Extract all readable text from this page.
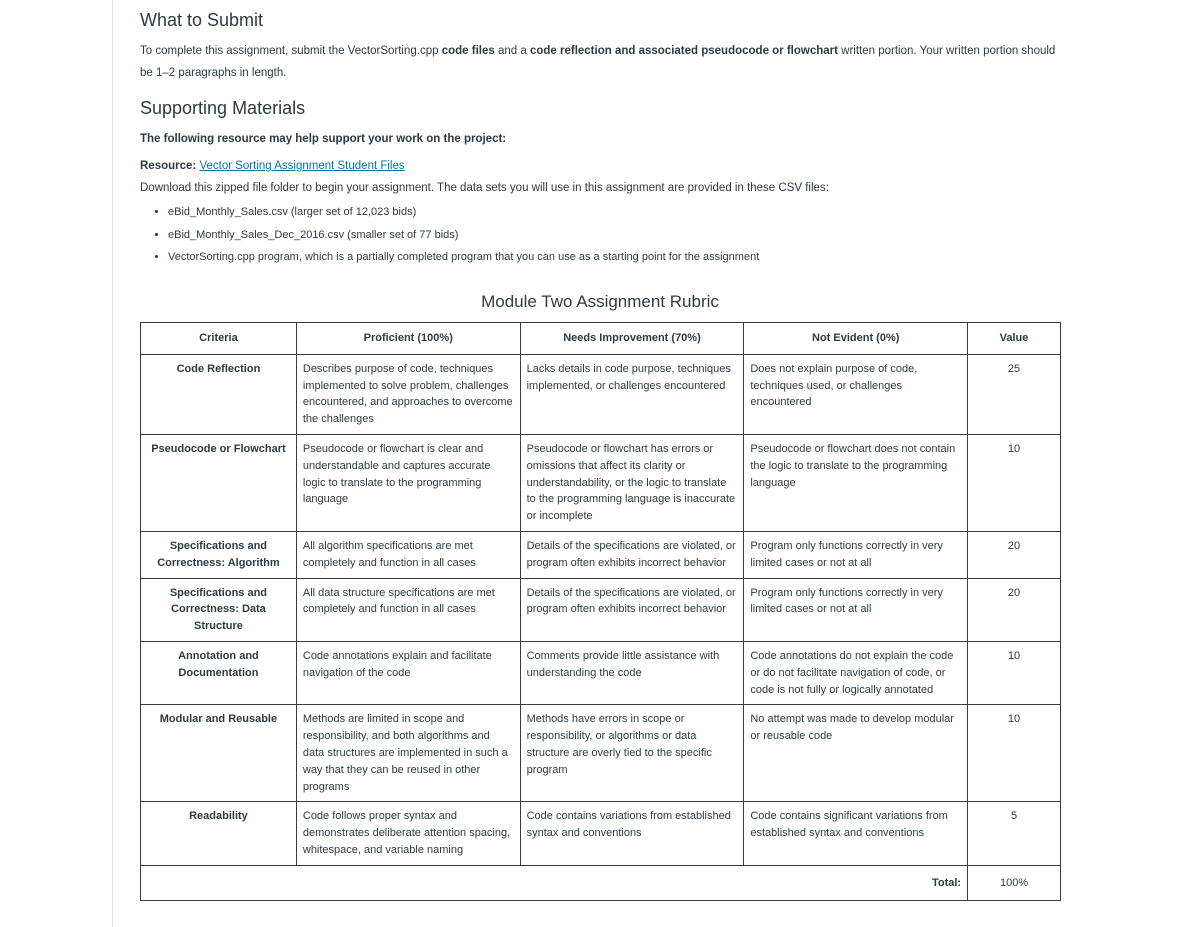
What to Submit

To complete this assignment, submit the VectorSorting.cpp code files and a code reflection and associated pseudocode or flowchart written portion. Your written portion should be 1–2 paragraphs in length.

Supporting Materials

The following resource may help support your work on the project:

Resource: Vector Sorting Assignment Student Files

Download this zipped file folder to begin your assignment. The data sets you will use in this assignment are provided in these CSV files:

• eBid_Monthly_Sales.csv (larger set of 12,023 bids)
• eBid_Monthly_Sales_Dec_2016.csv (smaller set of 77 bids)
• VectorSorting.cpp program, which is a partially completed program that you can use as a starting point for the assignment
Module Two Assignment Rubric
Criteria	Proficient (100%)	Needs Improvement (70%)	Not Evident (0%)	Value
Code Reflection	Describes purpose of code, techniques implemented to solve problem, challenges encountered, and approaches to overcome the challenges	Lacks details in code purpose, techniques implemented, or challenges encountered	Does not explain purpose of code, techniques used, or challenges encountered	25
Pseudocode or Flowchart	Pseudocode or flowchart is clear and understandable and captures accurate logic to translate to the programming language	Pseudocode or flowchart has errors or omissions that affect its clarity or understandability, or the logic to translate to the programming language is inaccurate or incomplete	Pseudocode or flowchart does not contain the logic to translate to the programming language	10
Specifications and Correctness: Algorithm	All algorithm specifications are met completely and function in all cases	Details of the specifications are violated, or program often exhibits incorrect behavior	Program only functions correctly in very limited cases or not at all	20
Specifications and Correctness: Data Structure	All data structure specifications are met completely and function in all cases	Details of the specifications are violated, or program often exhibits incorrect behavior	Program only functions correctly in very limited cases or not at all	20
Annotation and Documentation	Code annotations explain and facilitate navigation of the code	Comments provide little assistance with understanding the code	Code annotations do not explain the code or do not facilitate navigation of code, or code is not fully or logically annotated	10
Modular and Reusable	Methods are limited in scope and responsibility, and both algorithms and data structures are implemented in such a way that they can be reused in other programs	Methods have errors in scope or responsibility, or algorithms or data structure are overly tied to the specific program	No attempt was made to develop modular or reusable code	10
Readability	Code follows proper syntax and demonstrates deliberate attention spacing, whitespace, and variable naming	Code contains variations from established syntax and conventions	Code contains significant variations from established syntax and conventions	5
Total:				100%
